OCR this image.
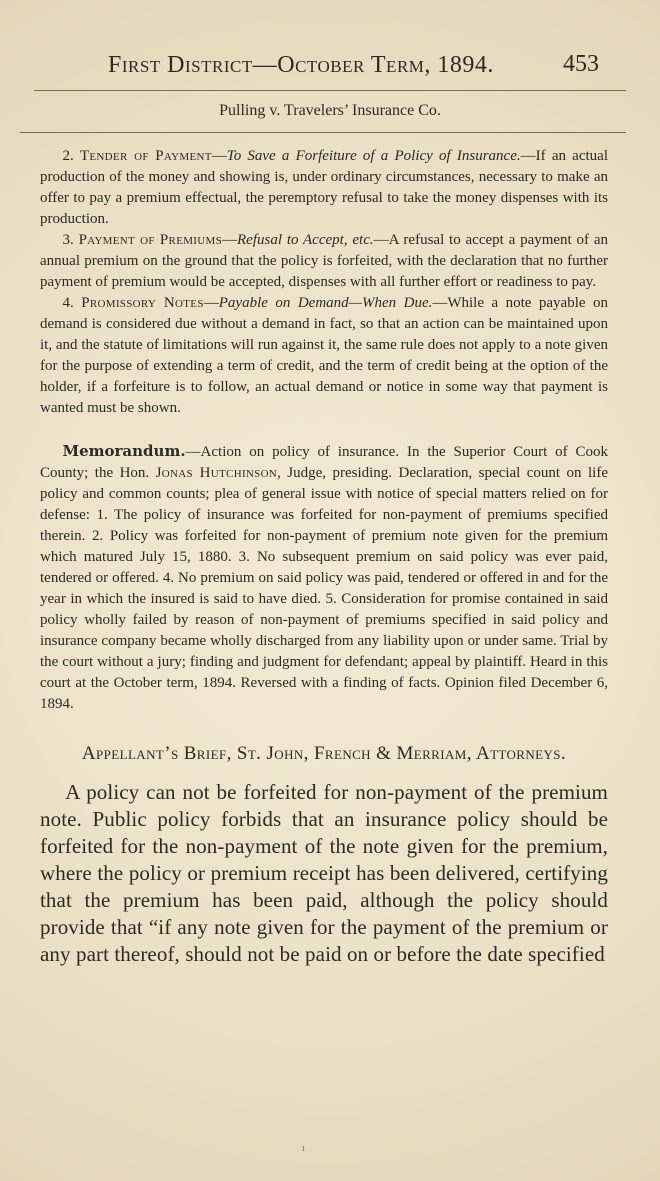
First District—October Term, 1894.	453
Pulling v. Travelers’ Insurance Co.

2. Tender of Payment—To Save a Forfeiture of a Policy of Insurance.—If an actual production of the money and showing is, under ordinary circumstances, necessary to make an offer to pay a premium effectual, the peremptory refusal to take the money dispenses with its production.

3. Payment of Premiums—Refusal to Accept, etc.—A refusal to accept a payment of an annual premium on the ground that the policy is forfeited, with the declaration that no further payment of premium would be accepted, dispenses with all further effort or readiness to pay.

4. Promissory Notes—Payable on Demand—When Due.—While a note payable on demand is considered due without a demand in fact, so that an action can be maintained upon it, and the statute of limitations will run against it, the same rule does not apply to a note given for the purpose of extending a term of credit, and the term of credit being at the option of the holder, if a forfeiture is to follow, an actual demand or notice in some way that payment is wanted must be shown.

Memorandum.—Action on policy of insurance. In the Superior Court of Cook County; the Hon. Jonas Hutchinson, Judge, presiding. Declaration, special count on life policy and common counts; plea of general issue with notice of special matters relied on for defense: 1. The policy of insurance was forfeited for non-payment of premiums specified therein. 2. Policy was forfeited for non-payment of premium note given for the premium which matured July 15, 1880. 3. No subsequent premium on said policy was ever paid, tendered or offered. 4. No premium on said policy was paid, tendered or offered in and for the year in which the insured is said to have died. 5. Consideration for promise contained in said policy wholly failed by reason of non-payment of premiums specified in said policy and insurance company became wholly discharged from any liability upon or under same. Trial by the court without a jury; finding and judgment for defendant; appeal by plaintiff. Heard in this court at the October term, 1894. Reversed with a finding of facts. Opinion filed December 6, 1894.

Appellant’s Brief, St. John, French & Merriam, Attorneys.

A policy can not be forfeited for non-payment of the premium note. Public policy forbids that an insurance policy should be forfeited for the non-payment of the note given for the premium, where the policy or premium receipt has been delivered, certifying that the premium has been paid, although the policy should provide that “if any note given for the payment of the premium or any part thereof, should not be paid on or before the date specified

ı
